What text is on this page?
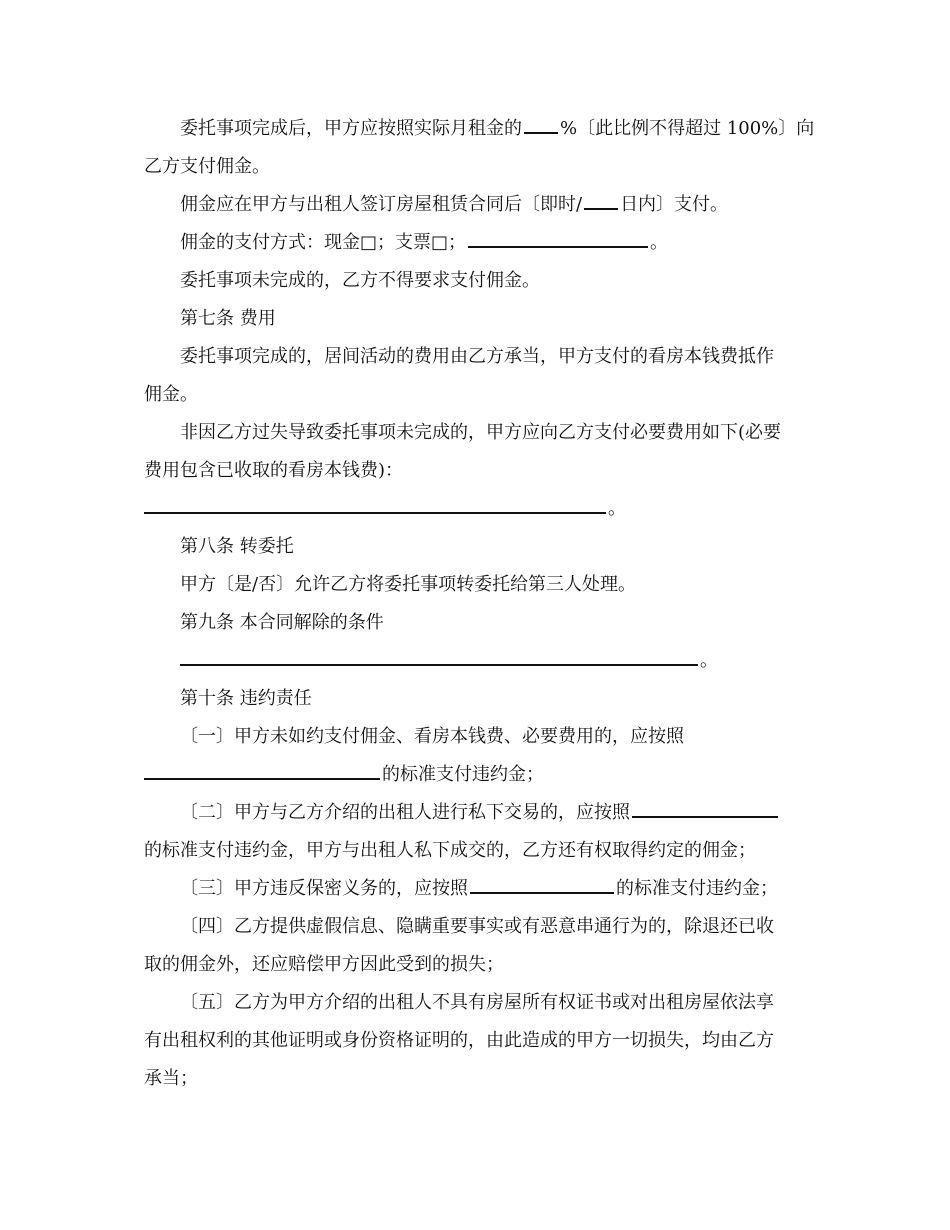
委托事项完成后，甲方应按照实际月租金的 %〔此比例不得超过 100%〕向
乙方支付佣金。
佣金应在甲方与出租人签订房屋租赁合同后〔即时/ 日内〕支付。
佣金的支付方式：现金□；支票□；	。
委托事项未完成的，乙方不得要求支付佣金。
第七条 费用
委托事项完成的，居间活动的费用由乙方承当，甲方支付的看房本钱费抵作
佣金。
非因乙方过失导致委托事项未完成的，甲方应向乙方支付必要费用如下(必要
费用包含已收取的看房本钱费)：
。
第八条 转委托
甲方〔是/否〕允许乙方将委托事项转委托给第三人处理。
第九条 本合同解除的条件
。
第十条 违约责任
〔一〕甲方未如约支付佣金、看房本钱费、必要费用的，应按照
的标准支付违约金；
〔二〕甲方与乙方介绍的出租人进行私下交易的，应按照
的标准支付违约金，甲方与出租人私下成交的，乙方还有权取得约定的佣金；
〔三〕甲方违反保密义务的，应按照	的标准支付违约金；
〔四〕乙方提供虚假信息、隐瞒重要事实或有恶意串通行为的，除退还已收
取的佣金外，还应赔偿甲方因此受到的损失；
〔五〕乙方为甲方介绍的出租人不具有房屋所有权证书或对出租房屋依法享
有出租权利的其他证明或身份资格证明的，由此造成的甲方一切损失，均由乙方
承当；
